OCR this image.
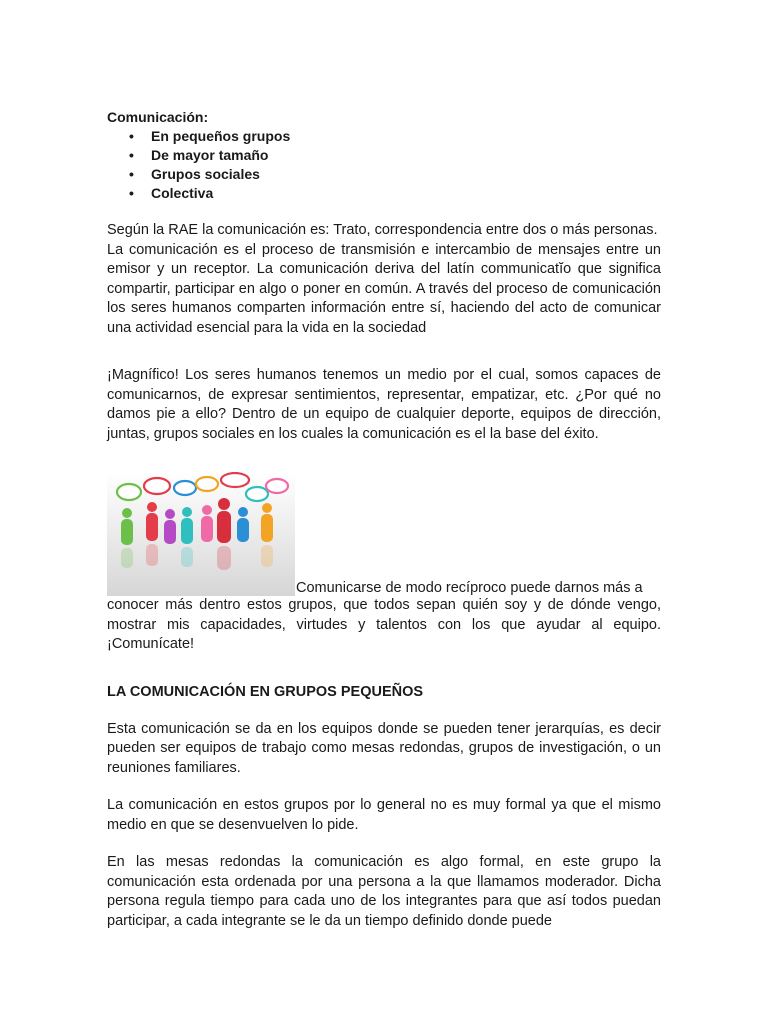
Comunicación:

• En pequeños grupos
• De mayor tamaño
• Grupos sociales
• Colectiva

Según la RAE la comunicación es: Trato, correspondencia entre dos o más personas.

La comunicación es el proceso de transmisión e intercambio de mensajes entre un emisor y un receptor. La comunicación deriva del latín communicatĭo que significa compartir, participar en algo o poner en común. A través del proceso de comunicación los seres humanos comparten información entre sí, haciendo del acto de comunicar una actividad esencial para la vida en la sociedad

¡Magnífico! Los seres humanos tenemos un medio por el cual, somos capaces de comunicarnos, de expresar sentimientos, representar, empatizar, etc. ¿Por qué no damos pie a ello? Dentro de un equipo de cualquier deporte, equipos de dirección, juntas, grupos sociales en los cuales la comunicación es el la base del éxito.

Comunicarse de modo recíproco puede darnos más a

conocer más dentro estos grupos, que todos sepan quién soy y de dónde vengo, mostrar mis capacidades, virtudes y talentos con los que ayudar al equipo. ¡Comunícate!

LA COMUNICACIÓN EN GRUPOS PEQUEÑOS

Esta comunicación se da en los equipos donde se pueden tener jerarquías, es decir pueden ser equipos de trabajo como mesas redondas, grupos de investigación, o un reuniones familiares.

La comunicación en estos grupos por lo general no es muy formal ya que el mismo medio en que se desenvuelven lo pide.

En las mesas redondas la comunicación es algo formal, en este grupo la comunicación esta ordenada por una persona a la que llamamos moderador. Dicha persona regula tiempo para cada uno de los integrantes para que así todos puedan participar, a cada integrante se le da un tiempo definido donde puede
